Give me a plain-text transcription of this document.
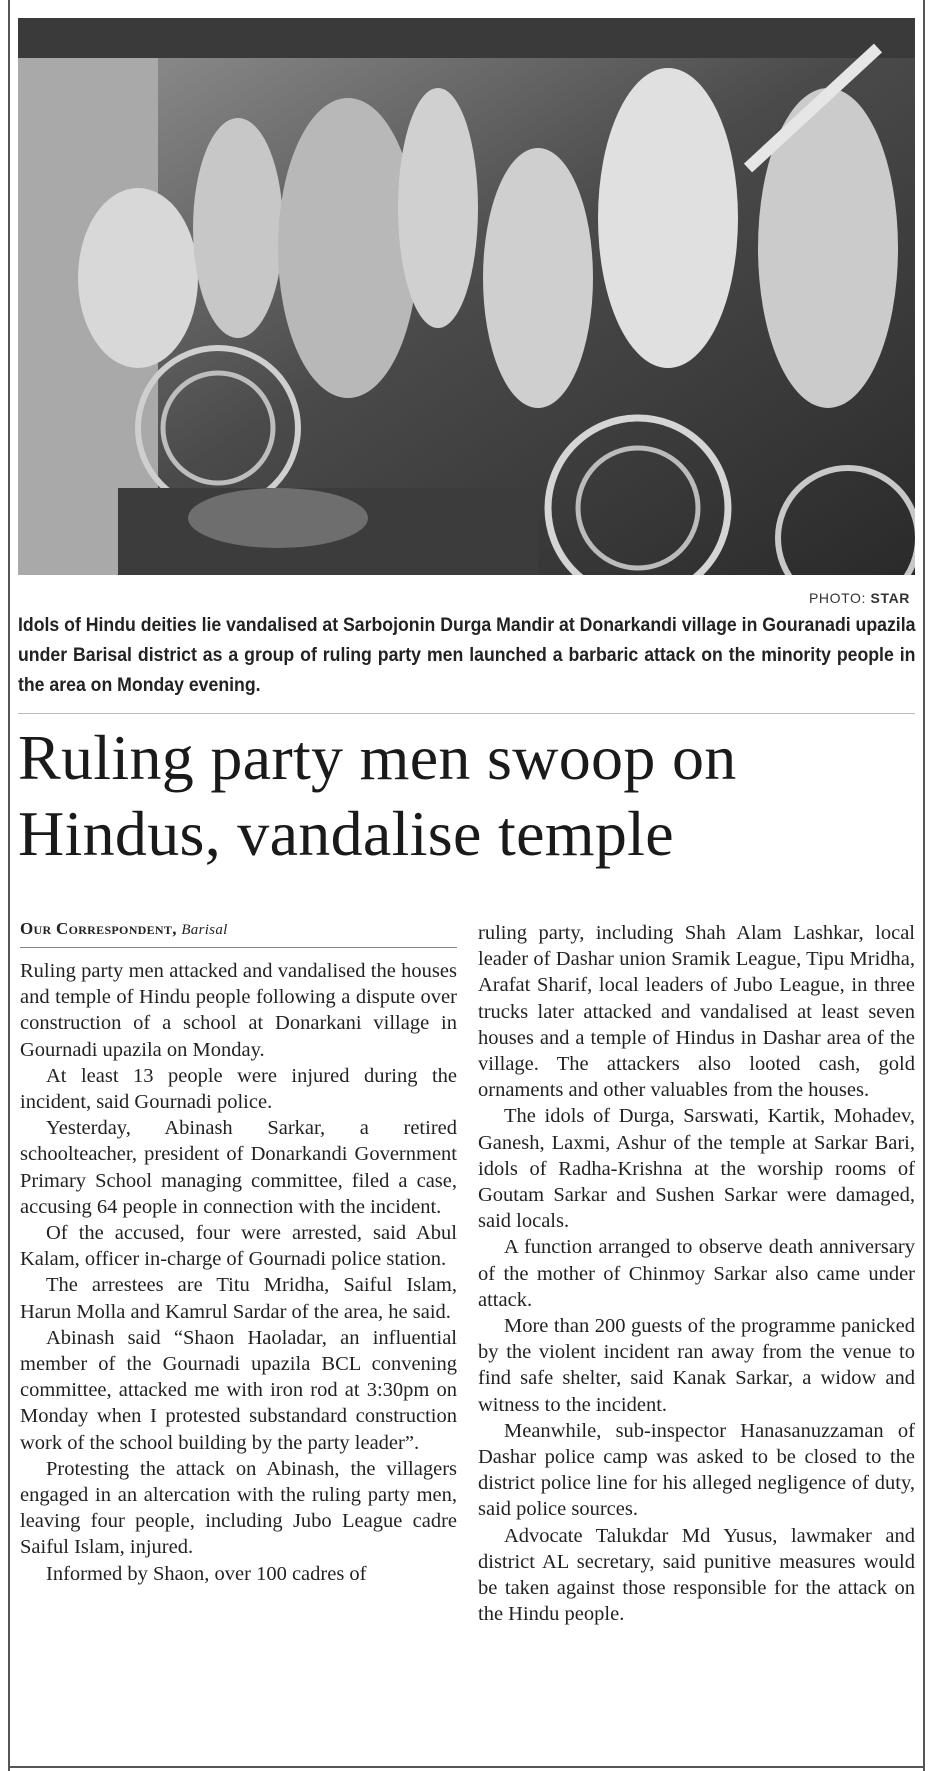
PHOTO: STAR
Idols of Hindu deities lie vandalised at Sarbojonin Durga Mandir at Donarkandi village in Gouranadi upazila under Barisal district as a group of ruling party men launched a barbaric attack on the minority people in the area on Monday evening.
Ruling party men swoop on Hindus, vandalise temple
Our Correspondent, Barisal

Ruling party men attacked and vandalised the houses and temple of Hindu people following a dispute over construction of a school at Donarkani village in Gournadi upazila on Monday.

At least 13 people were injured during the incident, said Gournadi police.

Yesterday, Abinash Sarkar, a retired schoolteacher, president of Donarkandi Government Primary School managing committee, filed a case, accusing 64 people in connection with the incident.

Of the accused, four were arrested, said Abul Kalam, officer in-charge of Gournadi police station.

The arrestees are Titu Mridha, Saiful Islam, Harun Molla and Kamrul Sardar of the area, he said.

Abinash said “Shaon Haoladar, an influential member of the Gournadi upazila BCL convening committee, attacked me with iron rod at 3:30pm on Monday when I protested substandard construction work of the school building by the party leader”.

Protesting the attack on Abinash, the villagers engaged in an altercation with the ruling party men, leaving four people, including Jubo League cadre Saiful Islam, injured.

Informed by Shaon, over 100 cadres of

ruling party, including Shah Alam Lashkar, local leader of Dashar union Sramik League, Tipu Mridha, Arafat Sharif, local leaders of Jubo League, in three trucks later attacked and vandalised at least seven houses and a temple of Hindus in Dashar area of the village. The attackers also looted cash, gold ornaments and other valuables from the houses.

The idols of Durga, Sarswati, Kartik, Mohadev, Ganesh, Laxmi, Ashur of the temple at Sarkar Bari, idols of Radha-Krishna at the worship rooms of Goutam Sarkar and Sushen Sarkar were damaged, said locals.

A function arranged to observe death anniversary of the mother of Chinmoy Sarkar also came under attack.

More than 200 guests of the programme panicked by the violent incident ran away from the venue to find safe shelter, said Kanak Sarkar, a widow and witness to the incident.

Meanwhile, sub-inspector Hanasanuzzaman of Dashar police camp was asked to be closed to the district police line for his alleged negligence of duty, said police sources.

Advocate Talukdar Md Yusus, lawmaker and district AL secretary, said punitive measures would be taken against those responsible for the attack on the Hindu people.
